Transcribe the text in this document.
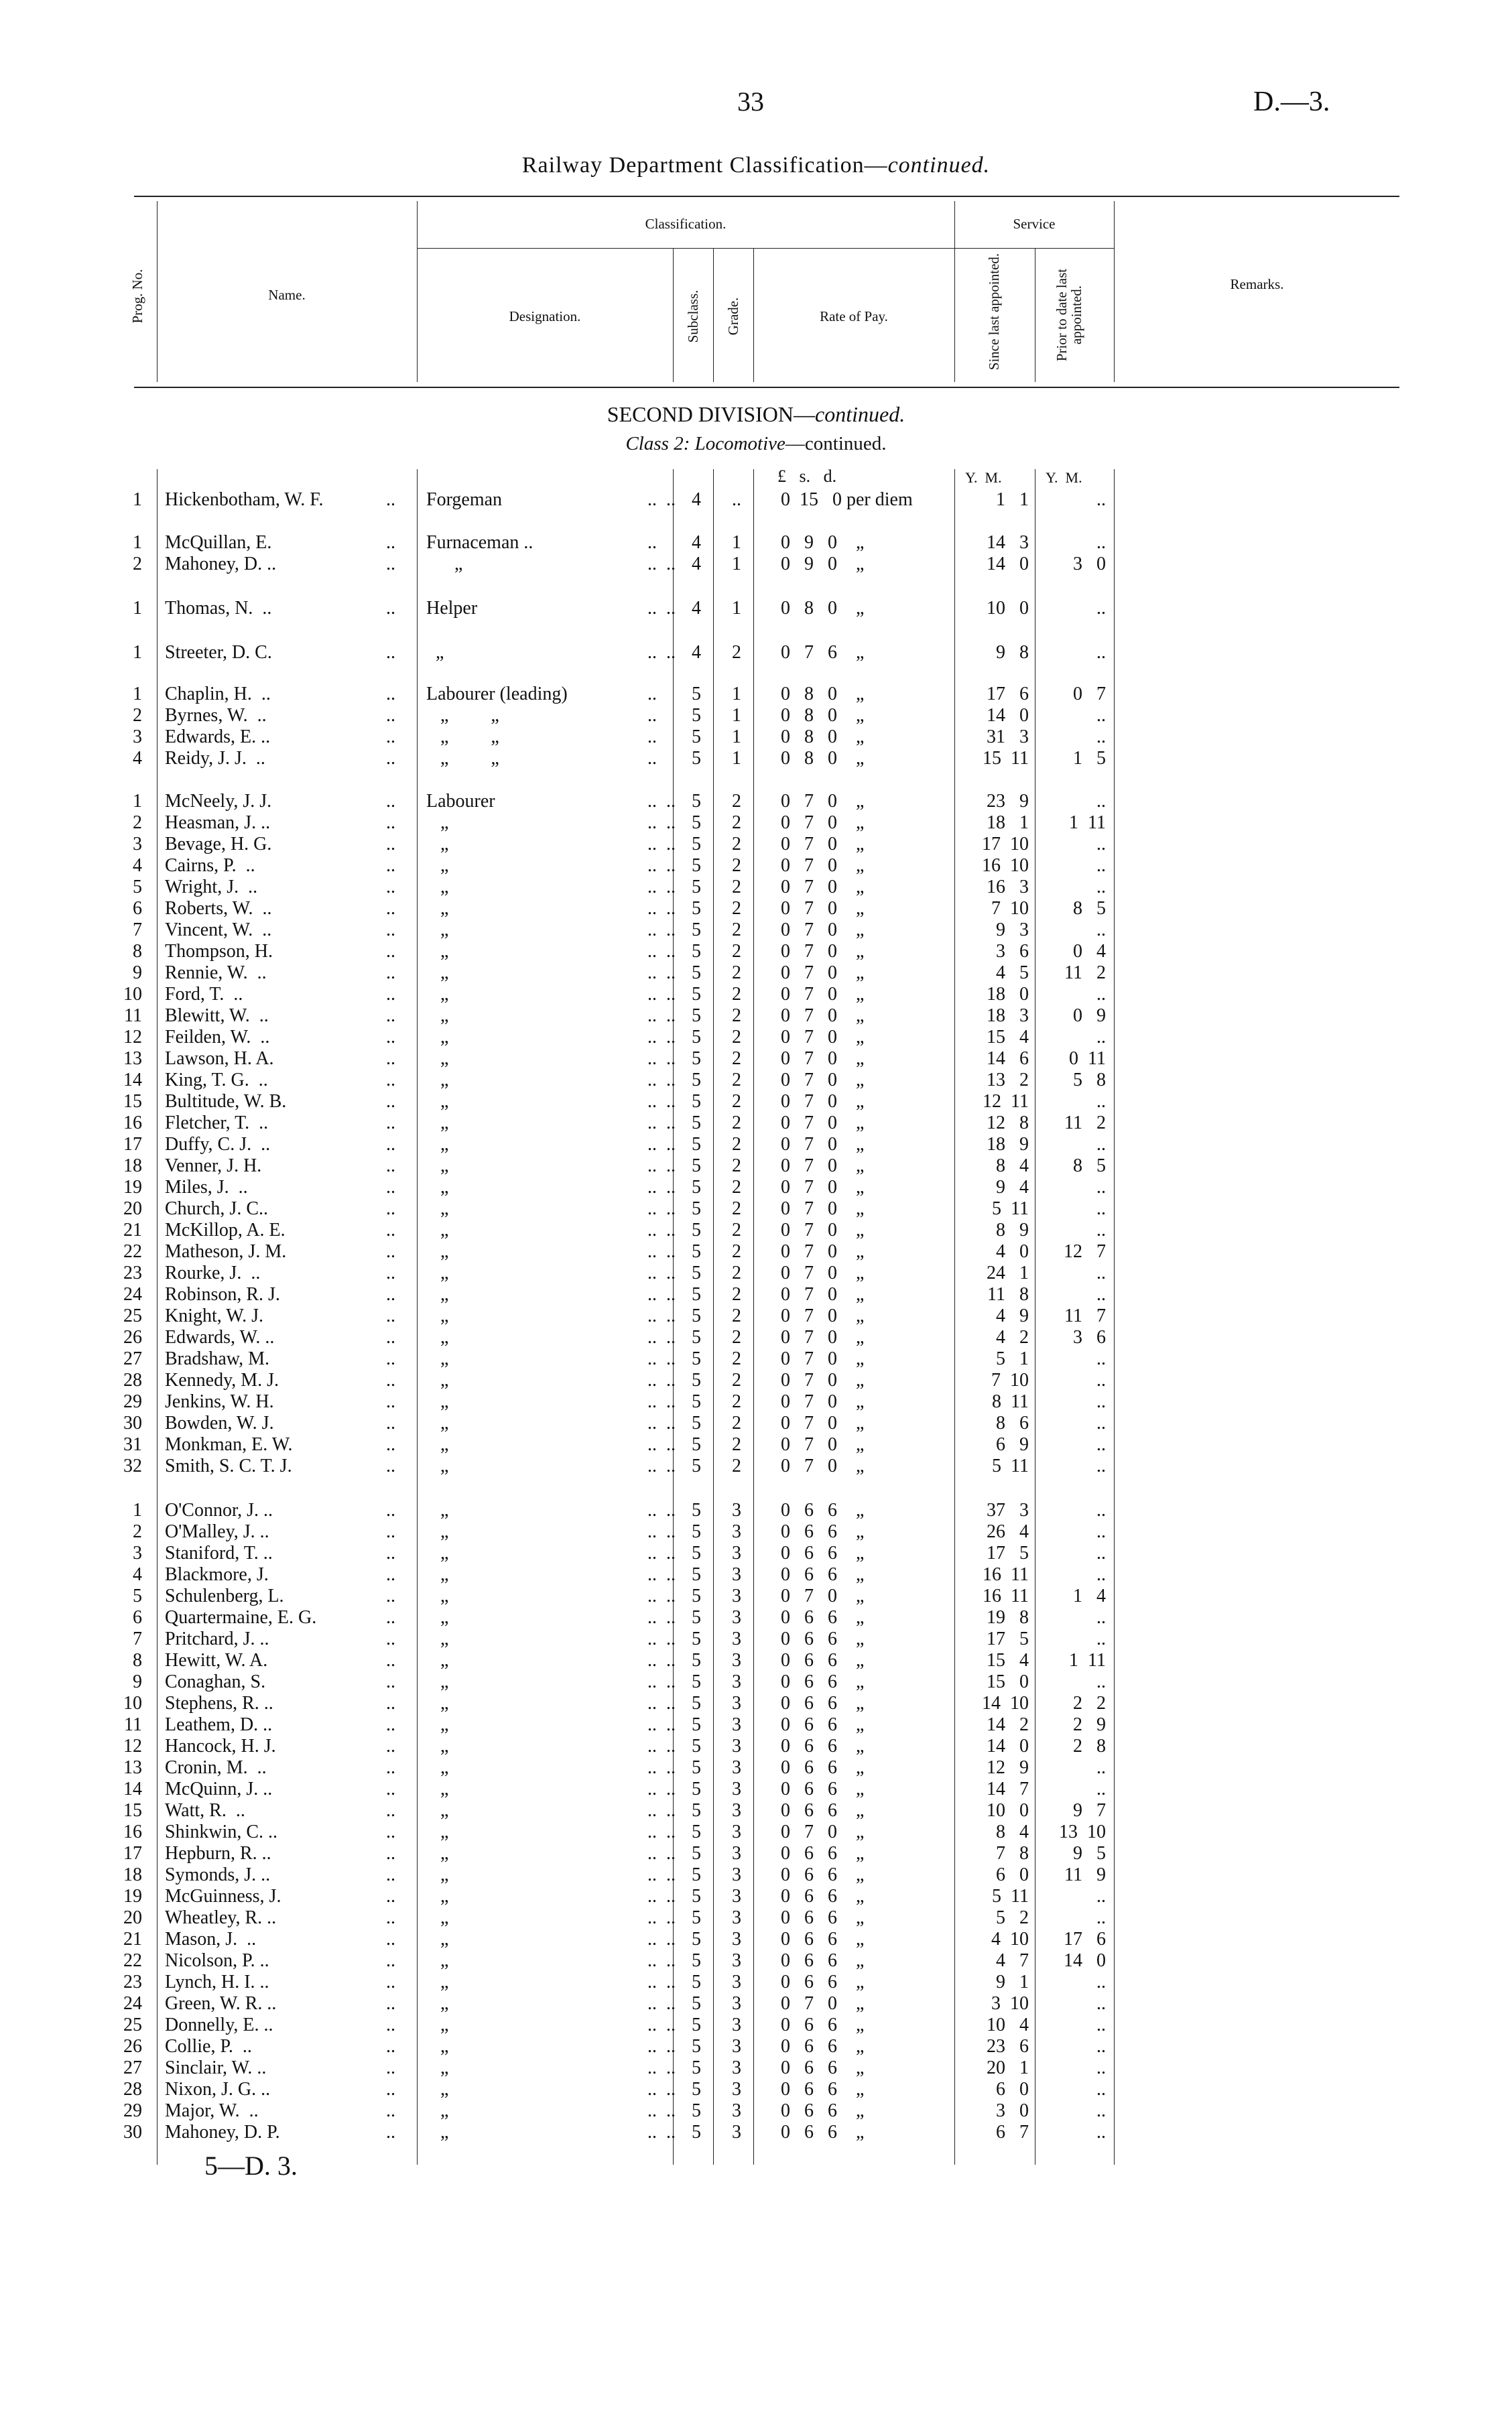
33	D.—3.
Railway Department Classification—continued.
Prog. No.	Name.
Classification.
Designation.	Subclass. Grade.	Rate of Pay.
Service
Since last appointed.	Prior to date last appointed.
Remarks.
SECOND DIVISION—continued.
Class 2: Locomotive—continued.
£   s.   d.	Y.  M.	Y.  M.
1 Hickenbotham, W. F.	.. Forgeman	..  .. 4	..	0  15   0 per diem	1   1	..
1 McQuillan, E.	.. Furnaceman ..	..	4	1	0   9   0    „	14   3	..
2 Mahoney, D. ..	.. „	..  .. 4	1	0   9   0    „	14   0	3   0
1 Thomas, N.  ..	.. Helper	..  .. 4	1	0   8   0    „	10   0	..
1 Streeter, D. C.	.. „	..  .. 4	2	0   7   6    „	9   8	..
1 Chaplin, H.  ..	.. Labourer (leading)	..	5	1	0   8   0    „	17   6	0   7
2 Byrnes, W.  ..	.. „         „	..	5	1	0   8   0    „	14   0	..
3 Edwards, E. ..	.. „         „	..	5	1	0   8   0    „	31   3	..
4 Reidy, J. J.  ..	.. „         „	..	5	1	0   8   0    „	15  11	1   5
1 McNeely, J. J.	.. Labourer	..  .. 5	2	0   7   0    „	23   9	..
2 Heasman, J. ..	.. „	..  .. 5	2	0   7   0    „	18   1	1  11
3 Bevage, H. G.	.. „	..  .. 5	2	0   7   0    „	17  10	..
4 Cairns, P.  ..	.. „	..  .. 5	2	0   7   0    „	16  10	..
5 Wright, J.  ..	.. „	..  .. 5	2	0   7   0    „	16   3	..
6 Roberts, W.  ..	.. „	..  .. 5	2	0   7   0    „	7  10	8   5
7 Vincent, W.  ..	.. „	..  .. 5	2	0   7   0    „	9   3	..
8 Thompson, H.	.. „	..  .. 5	2	0   7   0    „	3   6	0   4
9 Rennie, W.  ..	.. „	..  .. 5	2	0   7   0    „	4   5	11   2
10 Ford, T.  ..	.. „	..  .. 5	2	0   7   0    „	18   0	..
11 Blewitt, W.  ..	.. „	..  .. 5	2	0   7   0    „	18   3	0   9
12 Feilden, W.  ..	.. „	..  .. 5	2	0   7   0    „	15   4	..
13 Lawson, H. A.	.. „	..  .. 5	2	0   7   0    „	14   6	0  11
14 King, T. G.  ..	.. „	..  .. 5	2	0   7   0    „	13   2	5   8
15 Bultitude, W. B.	.. „	..  .. 5	2	0   7   0    „	12  11	..
16 Fletcher, T.  ..	.. „	..  .. 5	2	0   7   0    „	12   8	11   2
17 Duffy, C. J.  ..	.. „	..  .. 5	2	0   7   0    „	18   9	..
18 Venner, J. H.	.. „	..  .. 5	2	0   7   0    „	8   4	8   5
19 Miles, J.  ..	.. „	..  .. 5	2	0   7   0    „	9   4	..
20 Church, J. C..	.. „	..  .. 5	2	0   7   0    „	5  11	..
21 McKillop, A. E.	.. „	..  .. 5	2	0   7   0    „	8   9	..
22 Matheson, J. M.	.. „	..  .. 5	2	0   7   0    „	4   0	12   7
23 Rourke, J.  ..	.. „	..  .. 5	2	0   7   0    „	24   1	..
24 Robinson, R. J.	.. „	..  .. 5	2	0   7   0    „	11   8	..
25 Knight, W. J.	.. „	..  .. 5	2	0   7   0    „	4   9	11   7
26 Edwards, W. ..	.. „	..  .. 5	2	0   7   0    „	4   2	3   6
27 Bradshaw, M.	.. „	..  .. 5	2	0   7   0    „	5   1	..
28 Kennedy, M. J.	.. „	..  .. 5	2	0   7   0    „	7  10	..
29 Jenkins, W. H.	.. „	..  .. 5	2	0   7   0    „	8  11	..
30 Bowden, W. J.	.. „	..  .. 5	2	0   7   0    „	8   6	..
31 Monkman, E. W.	.. „	..  .. 5	2	0   7   0    „	6   9	..
32 Smith, S. C. T. J.	.. „	..  .. 5	2	0   7   0    „	5  11	..
1 O'Connor, J. ..	.. „	..  .. 5	3	0   6   6    „	37   3	..
2 O'Malley, J. ..	.. „	..  .. 5	3	0   6   6    „	26   4	..
3 Staniford, T. ..	.. „	..  .. 5	3	0   6   6    „	17   5	..
4 Blackmore, J.	.. „	..  .. 5	3	0   6   6    „	16  11	..
5 Schulenberg, L.	.. „	..  .. 5	3	0   7   0    „	16  11	1   4
6 Quartermaine, E. G.	.. „	..  .. 5	3	0   6   6    „	19   8	..
7 Pritchard, J. ..	.. „	..  .. 5	3	0   6   6    „	17   5	..
8 Hewitt, W. A.	.. „	..  .. 5	3	0   6   6    „	15   4	1  11
9 Conaghan, S.	.. „	..  .. 5	3	0   6   6    „	15   0	..
10 Stephens, R. ..	.. „	..  .. 5	3	0   6   6    „	14  10	2   2
11 Leathem, D. ..	.. „	..  .. 5	3	0   6   6    „	14   2	2   9
12 Hancock, H. J.	.. „	..  .. 5	3	0   6   6    „	14   0	2   8
13 Cronin, M.  ..	.. „	..  .. 5	3	0   6   6    „	12   9	..
14 McQuinn, J. ..	.. „	..  .. 5	3	0   6   6    „	14   7	..
15 Watt, R.  ..	.. „	..  .. 5	3	0   6   6    „	10   0	9   7
16 Shinkwin, C. ..	.. „	..  .. 5	3	0   7   0    „	8   4	13  10
17 Hepburn, R. ..	.. „	..  .. 5	3	0   6   6    „	7   8	9   5
18 Symonds, J. ..	.. „	..  .. 5	3	0   6   6    „	6   0	11   9
19 McGuinness, J.	.. „	..  .. 5	3	0   6   6    „	5  11	..
20 Wheatley, R. ..	.. „	..  .. 5	3	0   6   6    „	5   2	..
21 Mason, J.  ..	.. „	..  .. 5	3	0   6   6    „	4  10	17   6
22 Nicolson, P. ..	.. „	..  .. 5	3	0   6   6    „	4   7	14   0
23 Lynch, H. I. ..	.. „	..  .. 5	3	0   6   6    „	9   1	..
24 Green, W. R. ..	.. „	..  .. 5	3	0   7   0    „	3  10	..
25 Donnelly, E. ..	.. „	..  .. 5	3	0   6   6    „	10   4	..
26 Collie, P.  ..	.. „	..  .. 5	3	0   6   6    „	23   6	..
27 Sinclair, W. ..	.. „	..  .. 5	3	0   6   6    „	20   1	..
28 Nixon, J. G. ..	.. „	..  .. 5	3	0   6   6    „	6   0	..
29 Major, W.  ..	.. „	..  .. 5	3	0   6   6    „	3   0	..
30 Mahoney, D. P.	.. „	..  .. 5	3	0   6   6    „	6   7	..
5—D. 3.
